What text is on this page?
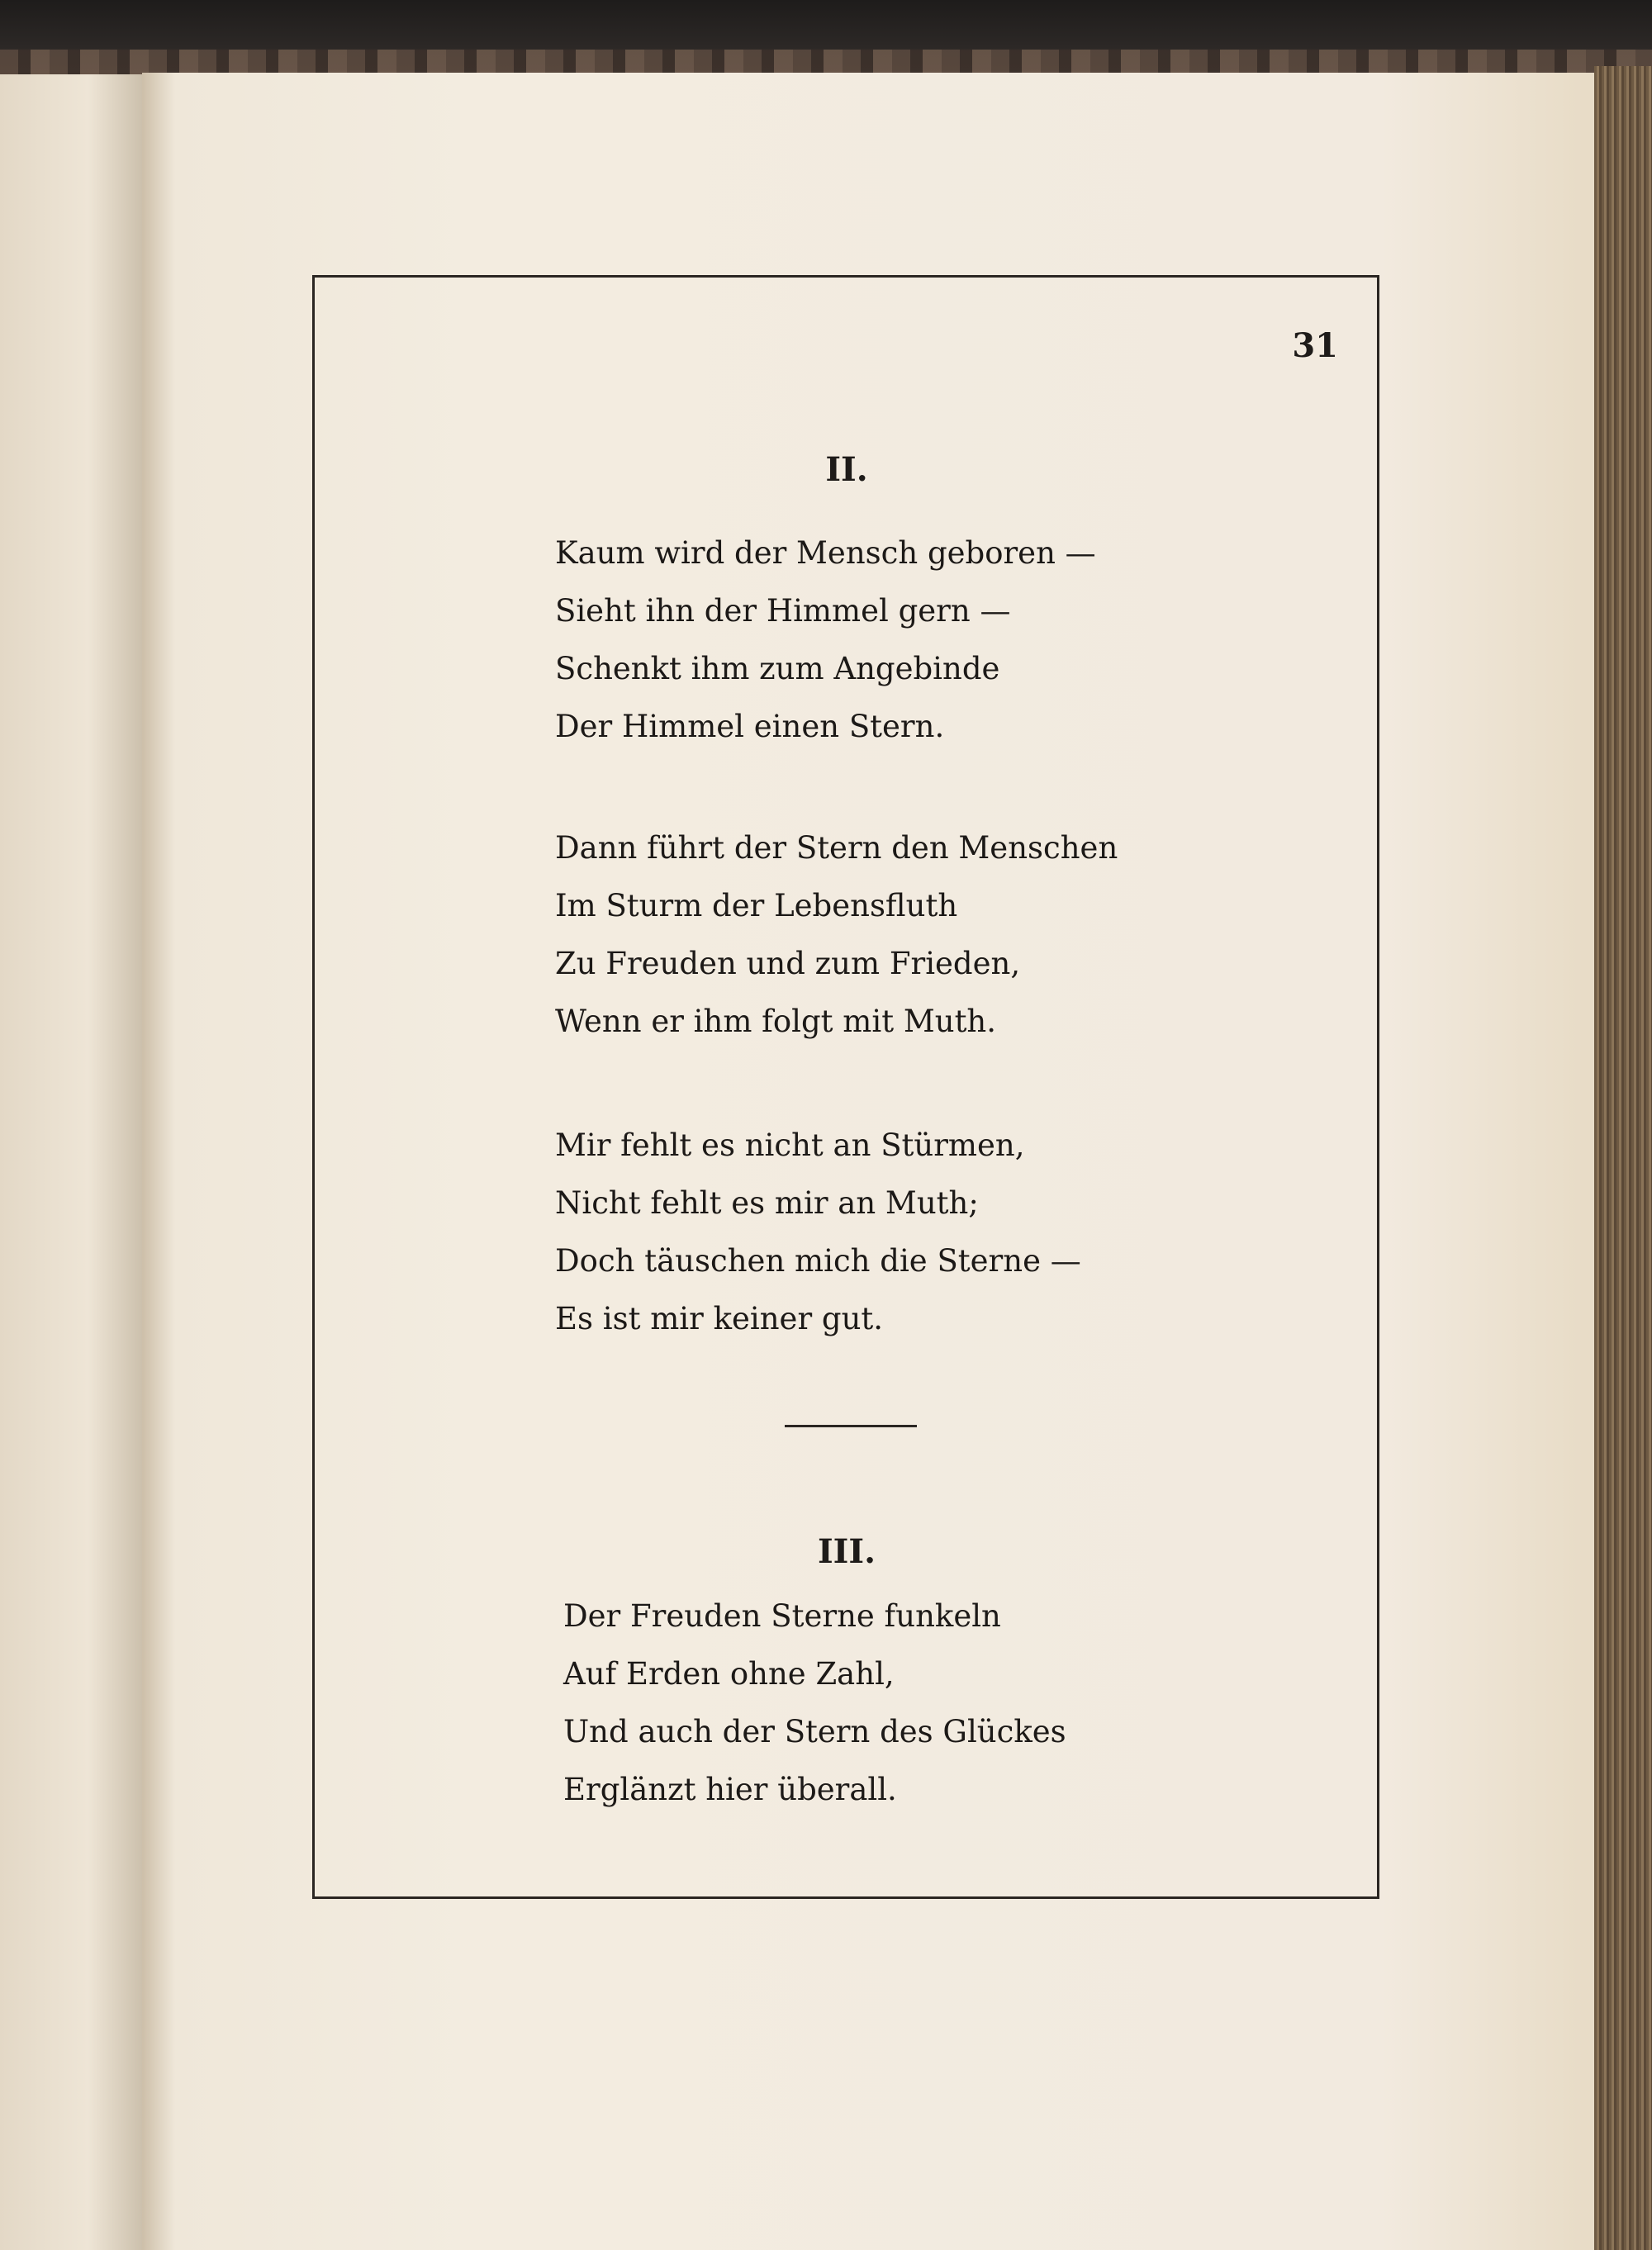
31
II.
Kaum wird der Mensch geboren —
Sieht ihn der Himmel gern —
Schenkt ihm zum Angebinde
Der Himmel einen Stern.
Dann führt der Stern den Menschen
Im Sturm der Lebensfluth
Zu Freuden und zum Frieden,
Wenn er ihm folgt mit Muth.
Mir fehlt es nicht an Stürmen,
Nicht fehlt es mir an Muth;
Doch täuschen mich die Sterne —
Es ist mir keiner gut.
III.
Der Freuden Sterne funkeln
Auf Erden ohne Zahl,
Und auch der Stern des Glückes
Erglänzt hier überall.
